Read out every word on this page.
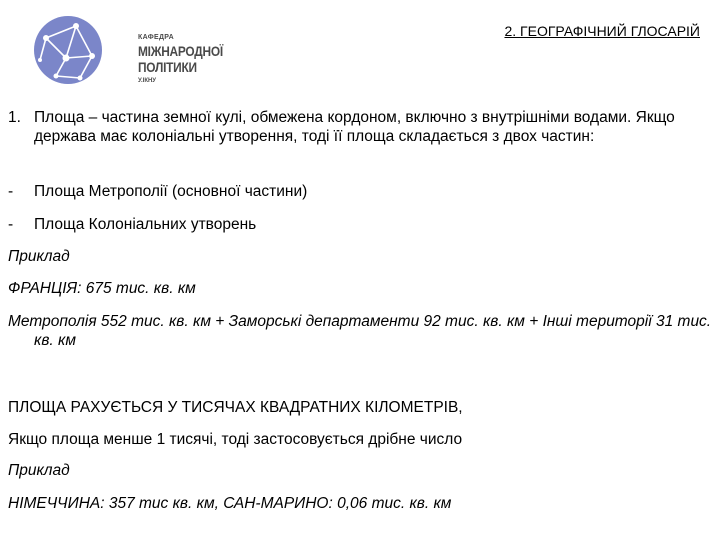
КАФЕДРА
МІЖНАРОДНОЇ
ПОЛІТИКИ
У.ІКНУ
2. ГЕОГРАФІЧНИЙ ГЛОСАРІЙ
1. Площа – частина земної кулі, обмежена кордоном, включно з внутрішніми водами. Якщо держава має колоніальні утворення, тоді її площа складається з двох частин:
- Площа Метрополії (основної частини)
- Площа Колоніальних утворень
Приклад
ФРАНЦІЯ: 675 тис. кв. км
Метрополія 552 тис. кв. км + Заморські департаменти 92 тис. кв. км + Інші території 31 тис. кв. км
ПЛОЩА РАХУЄТЬСЯ У ТИСЯЧАХ КВАДРАТНИХ КІЛОМЕТРІВ,
Якщо площа менше 1 тисячі, тоді застосовується дрібне число
Приклад
НІМЕЧЧИНА: 357 тис кв. км, САН-МАРИНО: 0,06 тис. кв. км
